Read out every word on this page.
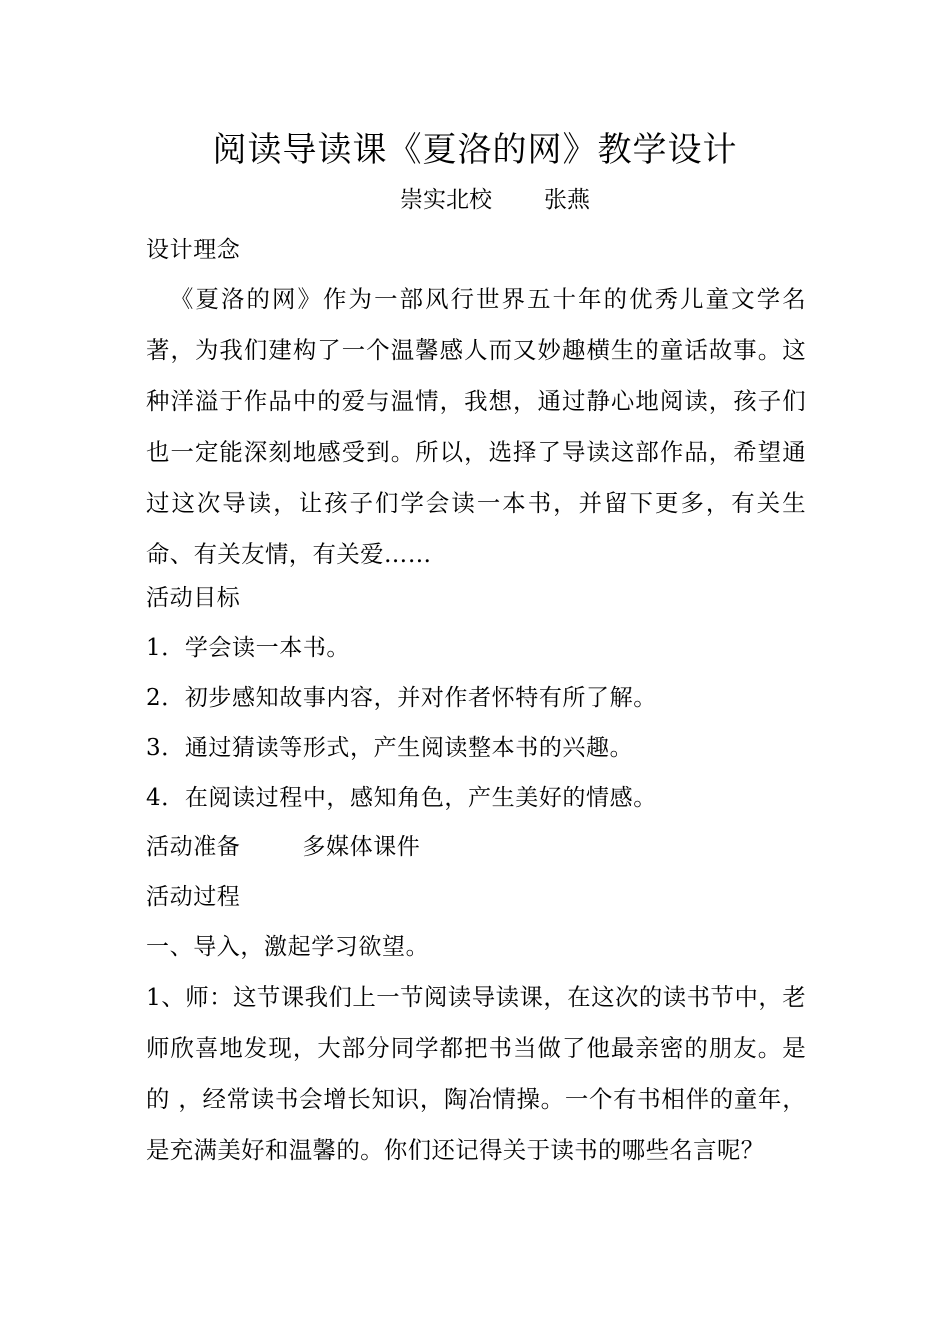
阅读导读课《夏洛的网》教学设计
崇实北校 张燕
设计理念

《夏洛的网》作为一部风行世界五十年的优秀儿童文学名著，为我们建构了一个温馨感人而又妙趣横生的童话故事。这种洋溢于作品中的爱与温情，我想，通过静心地阅读，孩子们也一定能深刻地感受到。所以，选择了导读这部作品，希望通过这次导读，让孩子们学会读一本书，并留下更多，有关生命、有关友情，有关爱……

活动目标
1．学会读一本书。
2．初步感知故事内容，并对作者怀特有所了解。
3．通过猜读等形式，产生阅读整本书的兴趣。
4．在阅读过程中，感知角色，产生美好的情感。
活动准备	多媒体课件
活动过程
一、导入，激起学习欲望。

1、师：这节课我们上一节阅读导读课，在这次的读书节中，老师欣喜地发现，大部分同学都把书当做了他最亲密的朋友。是的 ，经常读书会增长知识，陶冶情操。一个有书相伴的童年，是充满美好和温馨的。你们还记得关于读书的哪些名言呢？
